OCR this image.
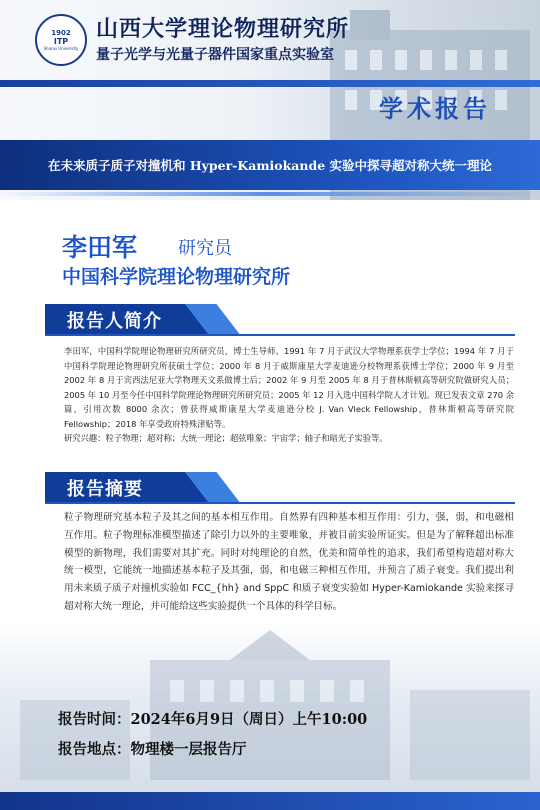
1902
ITP
Shanxi University
山西大学理论物理研究所
量子光学与光量子器件国家重点实验室
学术报告
在未来质子质子对撞机和 Hyper-Kamiokande 实验中探寻超对称大统一理论
李田军 研究员
中国科学院理论物理研究所
报告人简介
李田军，中国科学院理论物理研究所研究员，博士生导师。1991 年 7 月于武汉大学物理系获学士学位；1994 年 7 月于中国科学院理论物理研究所获硕士学位；2000 年 8 月于威斯康星大学麦迪逊分校物理系获博士学位；2000 年 9 月至 2002 年 8 月于宾西法尼亚大学物理天文系做博士后；2002 年 9 月至 2005 年 8 月于普林斯顿高等研究院做研究人员；2005 年 10 月至今任中国科学院理论物理研究所研究员；2005 年 12 月入选中国科学院人才计划。现已发表文章 270 余篇，引用次数 8000 余次；曾获得威斯康星大学麦迪逊分校 J. Van Vleck Fellowship，普林斯顿高等研究院 Fellowship；2018 年享受政府特殊津贴等。
研究兴趣：粒子物理；超对称；大统一理论；超弦唯象；宇宙学；轴子和暗光子实验等。
报告摘要
粒子物理研究基本粒子及其之间的基本相互作用。自然界有四种基本相互作用：引力，强，弱，和电磁相互作用。粒子物理标准模型描述了除引力以外的主要唯象，并被目前实验所证实。但是为了解释超出标准模型的新物理，我们需要对其扩充。同时对纯理论的自然，优美和简单性的追求，我们希望构造超对称大统一模型，它能统一地描述基本粒子及其强，弱，和电磁三种相互作用，并预言了质子衰变。我们提出利用未来质子质子对撞机实验如 FCC_{hh} and SppC 和质子衰变实验如 Hyper-Kamiokande 实验来探寻超对称大统一理论，并可能给这些实验提供一个具体的科学目标。
报告时间：2024年6月9日（周日）上午10:00
报告地点：物理楼一层报告厅
